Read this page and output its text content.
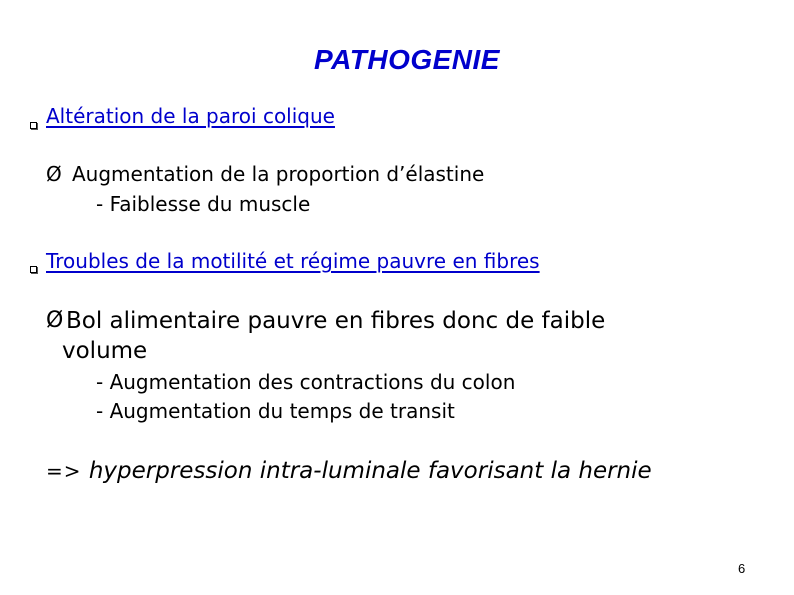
PATHOGENIE
Altération de la paroi colique
Ø Augmentation de la proportion d’élastine
- Faiblesse du muscle
Troubles de la motilité et régime pauvre en fibres
Ø Bol alimentaire pauvre en fibres donc de faible
volume
- Augmentation des contractions du colon
- Augmentation du temps de transit
=> hyperpression intra-luminale favorisant la hernie
6
